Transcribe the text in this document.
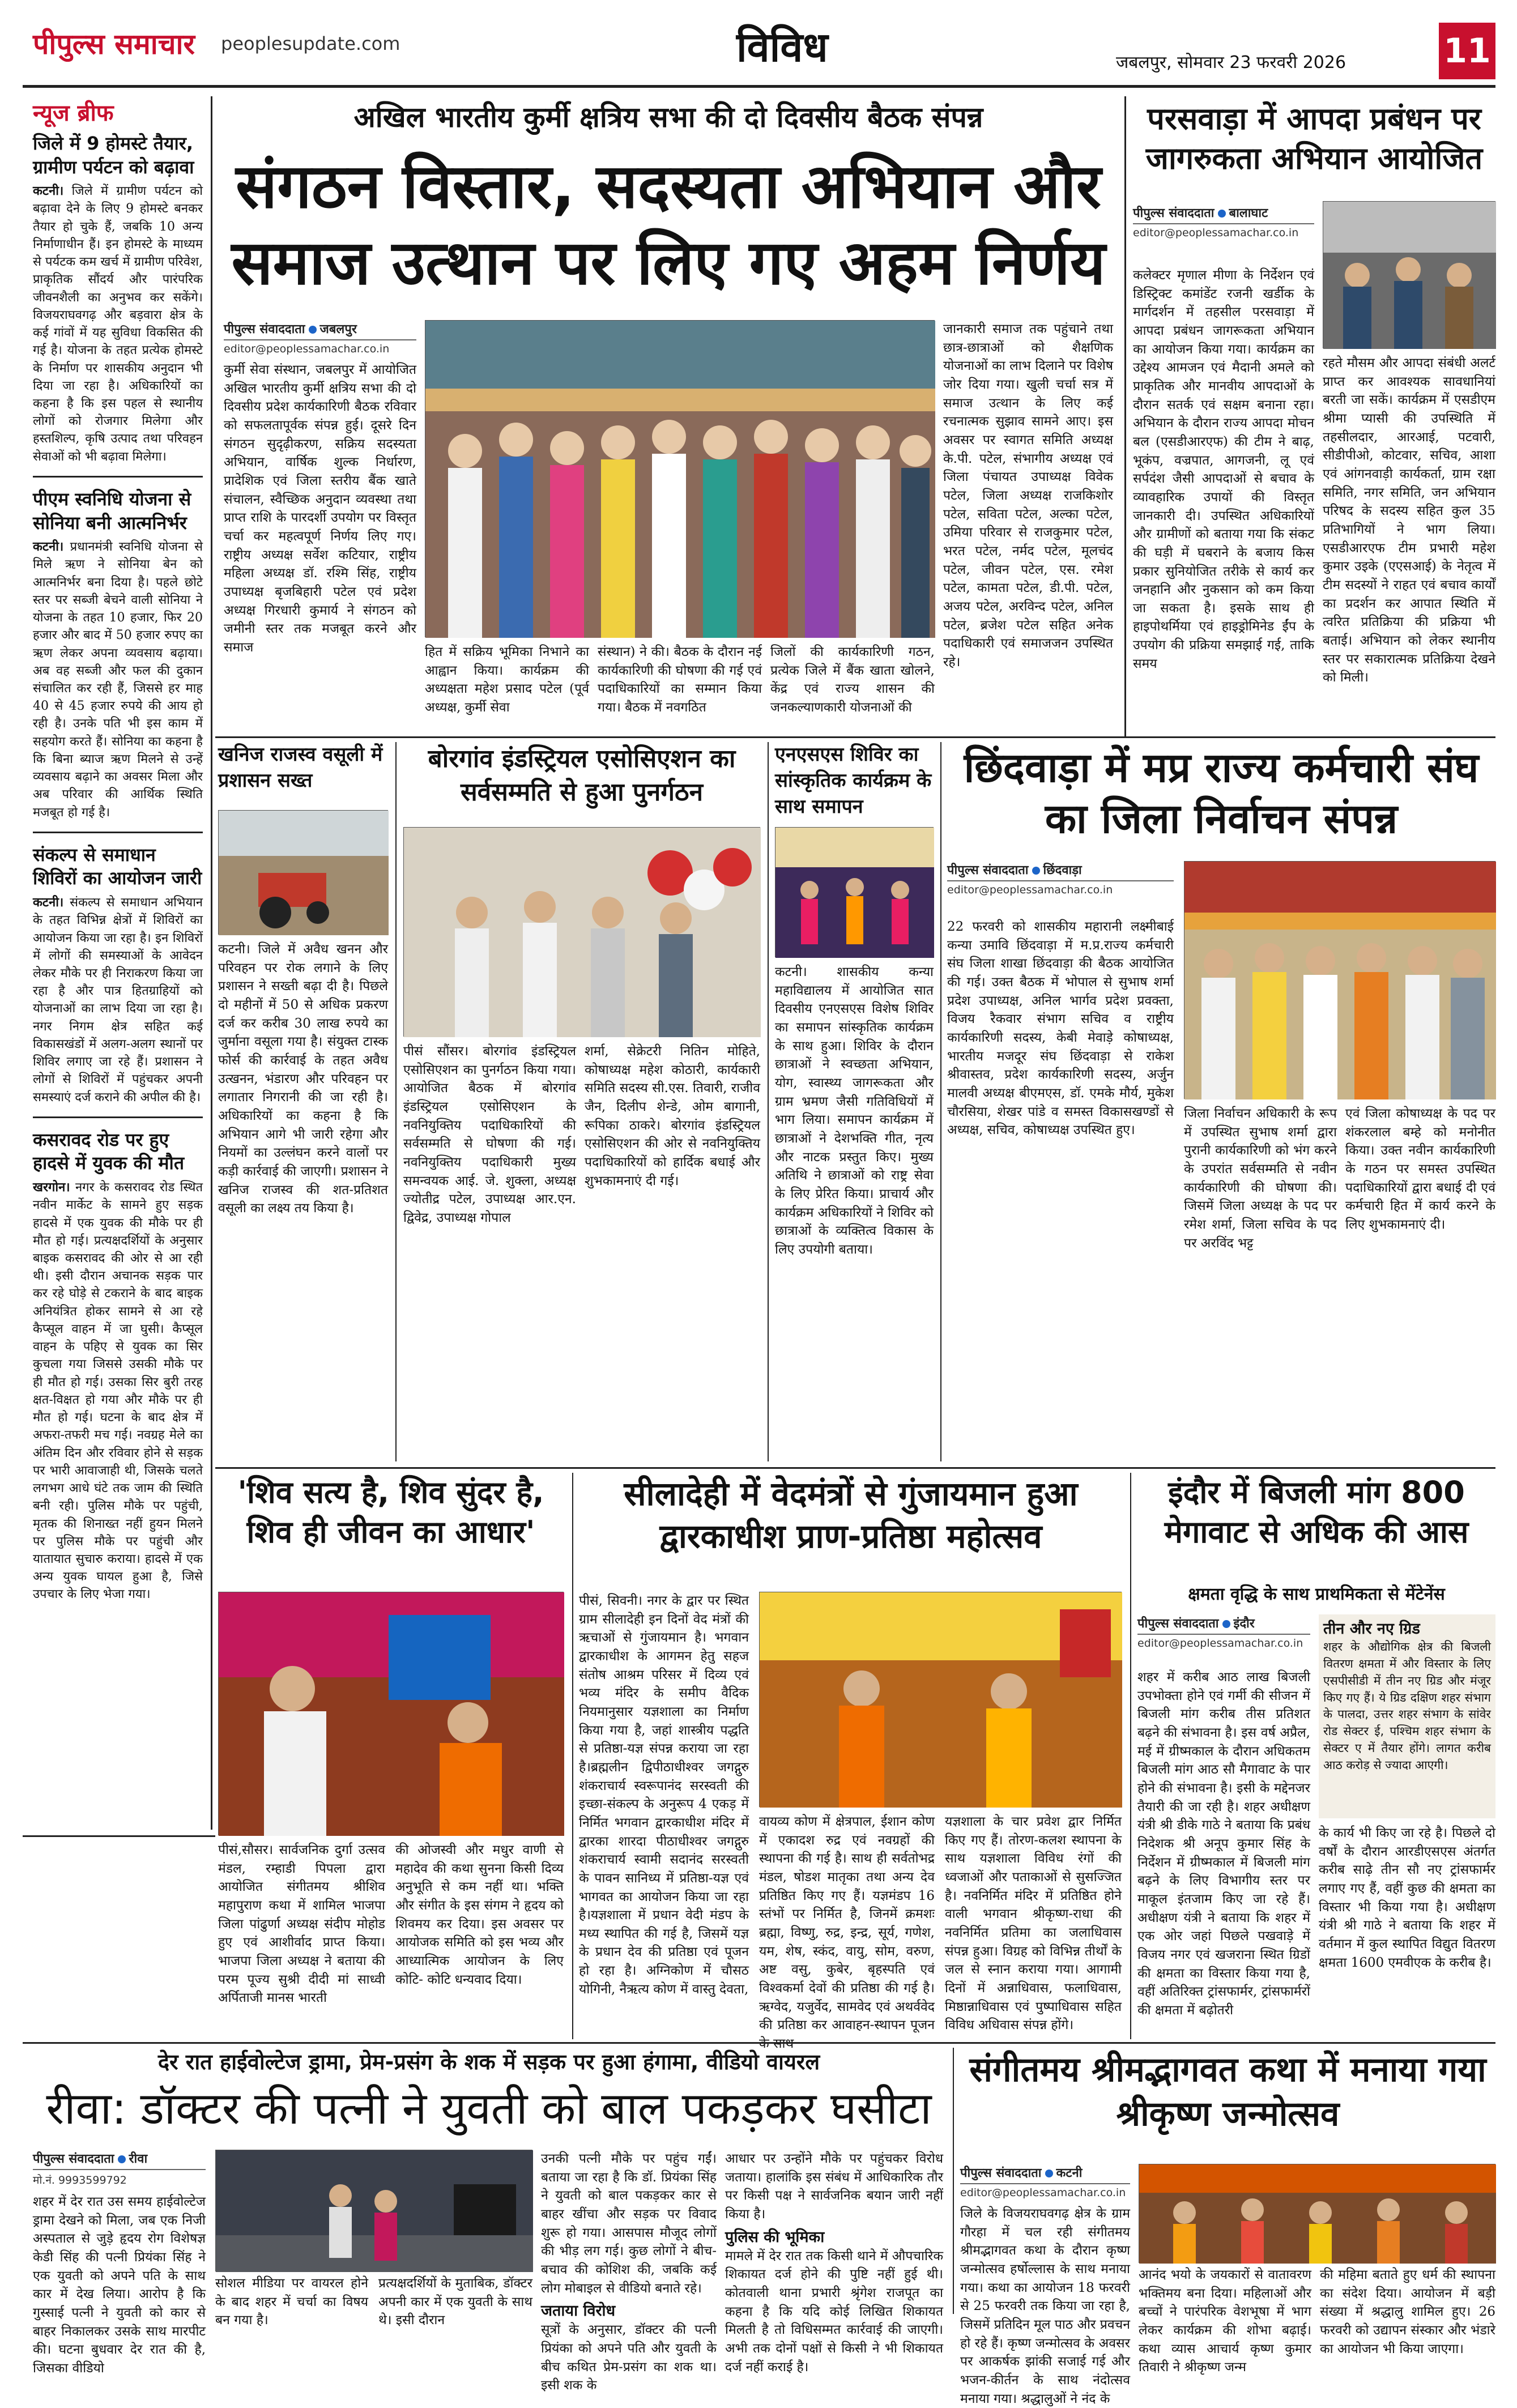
पीपुल्स समाचार peoplesupdate.com	विविध	जबलपुर, सोमवार 23 फरवरी 2026	11
न्यूज ब्रीफ
जिले में 9 होमस्टे तैयार, ग्रामीण पर्यटन को बढ़ावा
कटनी। जिले में ग्रामीण पर्यटन को बढ़ावा देने के लिए 9 होमस्टे बनकर तैयार हो चुके हैं, जबकि 10 अन्य निर्माणाधीन हैं। इन होमस्टे के माध्यम से पर्यटक कम खर्च में ग्रामीण परिवेश, प्राकृतिक सौंदर्य और पारंपरिक जीवनशैली का अनुभव कर सकेंगे। विजयराघवगढ़ और बड़वारा क्षेत्र के कई गांवों में यह सुविधा विकसित की गई है। योजना के तहत प्रत्येक होमस्टे के निर्माण पर शासकीय अनुदान भी दिया जा रहा है। अधिकारियों का कहना है कि इस पहल से स्थानीय लोगों को रोजगार मिलेगा और हस्तशिल्प, कृषि उत्पाद तथा परिवहन सेवाओं को भी बढ़ावा मिलेगा।
पीएम स्वनिधि योजना से सोनिया बनी आत्मनिर्भर
कटनी। प्रधानमंत्री स्वनिधि योजना से मिले ऋण ने सोनिया बेन को आत्मनिर्भर बना दिया है। पहले छोटे स्तर पर सब्जी बेचने वाली सोनिया ने योजना के तहत 10 हजार, फिर 20 हजार और बाद में 50 हजार रुपए का ऋण लेकर अपना व्यवसाय बढ़ाया। अब वह सब्जी और फल की दुकान संचालित कर रही हैं, जिससे हर माह 40 से 45 हजार रुपये की आय हो रही है। उनके पति भी इस काम में सहयोग करते हैं। सोनिया का कहना है कि बिना ब्याज ऋण मिलने से उन्हें व्यवसाय बढ़ाने का अवसर मिला और अब परिवार की आर्थिक स्थिति मजबूत हो गई है।
संकल्प से समाधान शिविरों का आयोजन जारी
कटनी। संकल्प से समाधान अभियान के तहत विभिन्न क्षेत्रों में शिविरों का आयोजन किया जा रहा है। इन शिविरों में लोगों की समस्याओं के आवेदन लेकर मौके पर ही निराकरण किया जा रहा है और पात्र हितग्राहियों को योजनाओं का लाभ दिया जा रहा है। नगर निगम क्षेत्र सहित कई विकासखंडों में अलग-अलग स्थानों पर शिविर लगाए जा रहे हैं। प्रशासन ने लोगों से शिविरों में पहुंचकर अपनी समस्याएं दर्ज कराने की अपील की है।
कसरावद रोड पर हुए हादसे में युवक की मौत
खरगोन। नगर के कसरावद रोड स्थित नवीन मार्केट के सामने हुए सड़क हादसे में एक युवक की मौके पर ही मौत हो गई। प्रत्यक्षदर्शियों के अनुसार बाइक कसरावद की ओर से आ रही थी। इसी दौरान अचानक सड़क पार कर रहे घोड़े से टकराने के बाद बाइक अनियंत्रित होकर सामने से आ रहे कैप्सूल वाहन में जा घुसी। कैप्सूल वाहन के पहिए से युवक का सिर कुचला गया जिससे उसकी मौके पर ही मौत हो गई। उसका सिर बुरी तरह क्षत-विक्षत हो गया और मौके पर ही मौत हो गई। घटना के बाद क्षेत्र में अफरा-तफरी मच गई। नवग्रह मेले का अंतिम दिन और रविवार होने से सड़क पर भारी आवाजाही थी, जिसके चलते लगभग आधे घंटे तक जाम की स्थिति बनी रही। पुलिस मौके पर पहुंची, मृतक की शिनाख्त नहीं हुयन मिलने पर पुलिस मौके पर पहुंची और यातायात सुचारु कराया। हादसे में एक अन्य युवक घायल हुआ है, जिसे उपचार के लिए भेजा गया।
अखिल भारतीय कुर्मी क्षत्रिय सभा की दो दिवसीय बैठक संपन्न
संगठन विस्तार, सदस्यता अभियान और समाज उत्थान पर लिए गए अहम निर्णय
पीपुल्स संवाददाता जबलपुर
editor@peoplessamachar.co.in
कुर्मी सेवा संस्थान, जबलपुर में आयोजित अखिल भारतीय कुर्मी क्षत्रिय सभा की दो दिवसीय प्रदेश कार्यकारिणी बैठक रविवार को सफलतापूर्वक संपन्न हुई। दूसरे दिन संगठन सुदृढ़ीकरण, सक्रिय सदस्यता अभियान, वार्षिक शुल्क निर्धारण, प्रादेशिक एवं जिला स्तरीय बैंक खाते संचालन, स्वैच्छिक अनुदान व्यवस्था तथा प्राप्त राशि के पारदर्शी उपयोग पर विस्तृत चर्चा कर महत्वपूर्ण निर्णय लिए गए। राष्ट्रीय अध्यक्ष सर्वेश कटियार, राष्ट्रीय महिला अध्यक्ष डॉ. रश्मि सिंह, राष्ट्रीय उपाध्यक्ष बृजबिहारी पटेल एवं प्रदेश अध्यक्ष गिरधारी कुमार्य ने संगठन को जमीनी स्तर तक मजबूत करने और समाज
जानकारी समाज तक पहुंचाने तथा छात्र-छात्राओं को शैक्षणिक योजनाओं का लाभ दिलाने पर विशेष जोर दिया गया। खुली चर्चा सत्र में समाज उत्थान के लिए कई रचनात्मक सुझाव सामने आए। इस अवसर पर स्वागत समिति अध्यक्ष के.पी. पटेल, संभागीय अध्यक्ष एवं जिला पंचायत उपाध्यक्ष विवेक पटेल, जिला अध्यक्ष राजकिशोर पटेल, सविता पटेल, अल्का पटेल, उमिया परिवार से राजकुमार पटेल, भरत पटेल, नर्मद पटेल, मूलचंद पटेल, जीवन पटेल, एस. रमेश पटेल, कामता पटेल, डी.पी. पटेल, अजय पटेल, अरविन्द पटेल, अनिल पटेल, ब्रजेश पटेल सहित अनेक पदाधिकारी एवं समाजजन उपस्थित रहे।
हित में सक्रिय भूमिका निभाने का आह्वान किया। कार्यक्रम की अध्यक्षता महेश प्रसाद पटेल (पूर्व अध्यक्ष, कुर्मी सेवा
संस्थान) ने की। बैठक के दौरान नई कार्यकारिणी की घोषणा की गई एवं पदाधिकारियों का सम्मान किया गया। बैठक में नवगठित
जिलों की कार्यकारिणी गठन, प्रत्येक जिले में बैंक खाता खोलने, केंद्र एवं राज्य शासन की जनकल्याणकारी योजनाओं की
परसवाड़ा में आपदा प्रबंधन पर जागरुकता अभियान आयोजित
पीपुल्स संवाददाता बालाघाट
editor@peoplessamachar.co.in
कलेक्टर मृणाल मीणा के निर्देशन एवं डिस्ट्रिक्ट कमांडेंट रजनी खर्डीक के मार्गदर्शन में तहसील परसवाड़ा में आपदा प्रबंधन जागरूकता अभियान का आयोजन किया गया। कार्यक्रम का उद्देश्य आमजन एवं मैदानी अमले को प्राकृतिक और मानवीय आपदाओं के दौरान सतर्क एवं सक्षम बनाना रहा। अभियान के दौरान राज्य आपदा मोचन बल (एसडीआरएफ) की टीम ने बाढ़, भूकंप, वज्रपात, आगजनी, लू एवं सर्पदंश जैसी आपदाओं से बचाव के व्यावहारिक उपायों की विस्तृत जानकारी दी। उपस्थित अधिकारियों और ग्रामीणों को बताया गया कि संकट की घड़ी में घबराने के बजाय किस प्रकार सुनियोजित तरीके से कार्य कर जनहानि और नुकसान को कम किया जा सकता है। इसके साथ ही हाइपोथर्मिया एवं हाइड्रोमिनेड ईंप के उपयोग की प्रक्रिया समझाई गई, ताकि समय
रहते मौसम और आपदा संबंधी अलर्ट प्राप्त कर आवश्यक सावधानियां बरती जा सकें। कार्यक्रम में एसडीएम श्रीमा प्यासी की उपस्थिति में तहसीलदार, आरआई, पटवारी, सीडीपीओ, कोटवार, सचिव, आशा एवं आंगनवाड़ी कार्यकर्ता, ग्राम रक्षा समिति, नगर समिति, जन अभियान परिषद के सदस्य सहित कुल 35 प्रतिभागियों ने भाग लिया। एसडीआरएफ टीम प्रभारी महेश कुमार उइके (एएसआई) के नेतृत्व में टीम सदस्यों ने राहत एवं बचाव कार्यों का प्रदर्शन कर आपात स्थिति में त्वरित प्रतिक्रिया की प्रक्रिया भी बताई। अभियान को लेकर स्थानीय स्तर पर सकारात्मक प्रतिक्रिया देखने को मिली।
खनिज राजस्व वसूली में प्रशासन सख्त
कटनी। जिले में अवैध खनन और परिवहन पर रोक लगाने के लिए प्रशासन ने सख्ती बढ़ा दी है। पिछले दो महीनों में 50 से अधिक प्रकरण दर्ज कर करीब 30 लाख रुपये का जुर्माना वसूला गया है। संयुक्त टास्क फोर्स की कार्रवाई के तहत अवैध उत्खनन, भंडारण और परिवहन पर लगातार निगरानी की जा रही है। अधिकारियों का कहना है कि अभियान आगे भी जारी रहेगा और नियमों का उल्लंघन करने वालों पर कड़ी कार्रवाई की जाएगी। प्रशासन ने खनिज राजस्व की शत-प्रतिशत वसूली का लक्ष्य तय किया है।
बोरगांव इंडस्ट्रियल एसोसिएशन का सर्वसम्मति से हुआ पुनर्गठन
पीसं सौंसर। बोरगांव इंडस्ट्रियल एसोसिएशन का पुनर्गठन किया गया। आयोजित बैठक में बोरगांव इंडस्ट्रियल एसोसिएशन के नवनियुक्तिय पदाधिकारियों की सर्वसम्मति से घोषणा की गई। नवनियुक्तिय पदाधिकारी मुख्य समन्वयक आई. जे. शुक्ला, अध्यक्ष ज्योतीद्र पटेल, उपाध्यक्ष आर.एन. द्विवेद्र, उपाध्यक्ष गोपाल
शर्मा, सेक्रेटरी नितिन मोहिते, कोषाध्यक्ष महेश कोठारी, कार्यकारी समिति सदस्य सी.एस. तिवारी, राजीव जैन, दिलीप शेन्डे, ओम बागानी, रूपिका ठाकरे। बोरगांव इंडस्ट्रियल एसोसिएशन की ओर से नवनियुक्तिय पदाधिकारियों को हार्दिक बधाई और शुभकामनाएं दी गई।
एनएसएस शिविर का सांस्कृतिक कार्यक्रम के साथ समापन
कटनी। शासकीय कन्या महाविद्यालय में आयोजित सात दिवसीय एनएसएस विशेष शिविर का समापन सांस्कृतिक कार्यक्रम के साथ हुआ। शिविर के दौरान छात्राओं ने स्वच्छता अभियान, योग, स्वास्थ्य जागरूकता और ग्राम भ्रमण जैसी गतिविधियों में भाग लिया। समापन कार्यक्रम में छात्राओं ने देशभक्ति गीत, नृत्य और नाटक प्रस्तुत किए। मुख्य अतिथि ने छात्राओं को राष्ट्र सेवा के लिए प्रेरित किया। प्राचार्य और कार्यक्रम अधिकारियों ने शिविर को छात्राओं के व्यक्तित्व विकास के लिए उपयोगी बताया।
छिंदवाड़ा में मप्र राज्य कर्मचारी संघ का जिला निर्वाचन संपन्न
पीपुल्स संवाददाता छिंदवाड़ा
editor@peoplessamachar.co.in
22 फरवरी को शासकीय महारानी लक्ष्मीबाई कन्या उमावि छिंदवाड़ा में म.प्र.राज्य कर्मचारी संघ जिला शाखा छिंदवाड़ा की बैठक आयोजित की गई। उक्त बैठक में भोपाल से सुभाष शर्मा प्रदेश उपाध्यक्ष, अनिल भार्गव प्रदेश प्रवक्ता, विजय रैकवार संभाग सचिव व राष्ट्रीय कार्यकारिणी सदस्य, केबी मेवाड़े कोषाध्यक्ष, भारतीय मजदूर संघ छिंदवाड़ा से राकेश श्रीवास्तव, प्रदेश कार्यकारिणी सदस्य, अर्जुन मालवी अध्यक्ष बीएमएस, डॉ. एमके मौर्य, मुकेश चौरसिया, शेखर पांडे व समस्त विकासखण्डों से अध्यक्ष, सचिव, कोषाध्यक्ष उपस्थित हुए।
जिला निर्वाचन अधिकारी के रूप में उपस्थित सुभाष शर्मा द्वारा पुरानी कार्यकारिणी को भंग करने के उपरांत सर्वसम्मति से नवीन कार्यकारिणी की घोषणा की। जिसमें जिला अध्यक्ष के पद पर रमेश शर्मा, जिला सचिव के पद पर अरविंद भट्ट
एवं जिला कोषाध्यक्ष के पद पर शंकरलाल बम्हे को मनोनीत किया। उक्त नवीन कार्यकारिणी के गठन पर समस्त उपस्थित पदाधिकारियों द्वारा बधाई दी एवं कर्मचारी हित में कार्य करने के लिए शुभकामनाएं दी।
'शिव सत्य है, शिव सुंदर है, शिव ही जीवन का आधार'
पीसं,सौसर। सार्वजनिक दुर्गा उत्सव मंडल, रम्हाडी पिपला द्वारा आयोजित संगीतमय श्रीशिव महापुराण कथा में शामिल भाजपा जिला पांढुर्णा अध्यक्ष संदीप मोहोड हुए एवं आशीर्वाद प्राप्त किया। भाजपा जिला अध्यक्ष ने बताया की परम पूज्य सुश्री दीदी मां साध्वी अर्पिताजी मानस भारती
की ओजस्वी और मधुर वाणी से महादेव की कथा सुनना किसी दिव्य अनुभूति से कम नहीं था। भक्ति और संगीत के इस संगम ने हृदय को शिवमय कर दिया। इस अवसर पर आयोजक समिति को इस भव्य और आध्यात्मिक आयोजन के लिए कोटि- कोटि धन्यवाद दिया।
सीलादेही में वेदमंत्रों से गुंजायमान हुआ द्वारकाधीश प्राण-प्रतिष्ठा महोत्सव
पीसं, सिवनी। नगर के द्वार पर स्थित ग्राम सीलादेही इन दिनों वेद मंत्रों की ऋचाओं से गुंजायमान है। भगवान द्वारकाधीश के आगमन हेतु सहज संतोष आश्रम परिसर में दिव्य एवं भव्य मंदिर के समीप वैदिक नियमानुसार यज्ञशाला का निर्माण किया गया है, जहां शास्त्रीय पद्धति से प्रतिष्ठा-यज्ञ संपन्न कराया जा रहा है।ब्रह्मलीन द्विपीठाधीश्वर जगद्गुरु शंकराचार्य स्वरूपानंद सरस्वती की इच्छा-संकल्प के अनुरूप 4 एकड़ में निर्मित भगवान द्वारकाधीश मंदिर में द्वारका शारदा पीठाधीश्वर जगद्गुरु शंकराचार्य स्वामी सदानंद सरस्वती के पावन सानिध्य में प्रतिष्ठा-यज्ञ एवं भागवत का आयोजन किया जा रहा है।यज्ञशाला में प्रधान वेदी मंडप के मध्य स्थापित की गई है, जिसमें यज्ञ के प्रधान देव की प्रतिष्ठा एवं पूजन हो रहा है। अग्निकोण में चौसठ योगिनी, नैऋत्य कोण में वास्तु देवता,
वायव्य कोण में क्षेत्रपाल, ईशान कोण में एकादश रुद्र एवं नवग्रहों की स्थापना की गई है। साथ ही सर्वतोभद्र मंडल, षोडश मातृका तथा अन्य देव प्रतिष्ठित किए गए हैं। यज्ञमंडप 16 स्तंभों पर निर्मित है, जिनमें क्रमशः ब्रह्मा, विष्णु, रुद्र, इन्द्र, सूर्य, गणेश, यम, शेष, स्कंद, वायु, सोम, वरुण, अष्ट वसु, कुबेर, बृहस्पति एवं विश्वकर्मा देवों की प्रतिष्ठा की गई है। ऋग्वेद, यजुर्वेद, सामवेद एवं अथर्ववेद की प्रतिष्ठा कर आवाहन-स्थापन पूजन
यज्ञशाला के चार प्रवेश द्वार निर्मित किए गए हैं। तोरण-कलश स्थापना के साथ यज्ञशाला विविध रंगों की ध्वजाओं और पताकाओं से सुसज्जित है। नवनिर्मित मंदिर में प्रतिष्ठित होने वाली भगवान श्रीकृष्ण-राधा की नवनिर्मित प्रतिमा का जलाधिवास संपन्न हुआ। विग्रह को विभिन्न तीर्थों के जल से स्नान कराया गया। आगामी दिनों में अन्नाधिवास, फलाधिवास, मिष्ठान्नाधिवास एवं पुष्पाधिवास सहित विविध अधिवास संपन्न होंगे।
इंदौर में बिजली मांग 800 मेगावाट से अधिक की आस
क्षमता वृद्धि के साथ प्राथमिकता से मेंटेनेंस
पीपुल्स संवाददाता इंदौर
editor@peoplessamachar.co.in
शहर में करीब आठ लाख बिजली उपभोक्ता होने एवं गर्मी की सीजन में बिजली मांग करीब तीस प्रतिशत बढ़ने की संभावना है। इस वर्ष अप्रैल, मई में ग्रीष्मकाल के दौरान अधिकतम बिजली मांग आठ सौ मैगावाट के पार होने की संभावना है। इसी के मद्देनजर तैयारी की जा रही है। शहर अधीक्षण यंत्री श्री डीके गाठे ने बताया कि प्रबंध निदेशक श्री अनूप कुमार सिंह के निर्देशन में ग्रीष्मकाल में बिजली मांग बढ़ने के लिए विभागीय स्तर पर माकूल इंतजाम किए जा रहे हैं। अधीक्षण यंत्री ने बताया कि शहर में एक ओर जहां पिछले पखवाड़े में विजय नगर एवं खजराना स्थित ग्रिडों की क्षमता का विस्तार किया गया है, वहीं अतिरिक्त ट्रांसफार्मर, ट्रांसफार्मरों की क्षमता में बढ़ोतरी
तीन और नए ग्रिड
शहर के औद्योगिक क्षेत्र की बिजली वितरण क्षमता में और विस्तार के लिए एसपीसीडी में तीन नए ग्रिड और मंजूर किए गए हैं। ये ग्रिड दक्षिण शहर संभाग के पालदा, उत्तर शहर संभाग के सांवेर रोड सेक्टर ई, पश्चिम शहर संभाग के सेक्टर ए में तैयार होंगे। लागत करीब आठ करोड़ से ज्यादा आएगी।
के कार्य भी किए जा रहे है। पिछले दो वर्षों के दौरान आरडीएसएस अंतर्गत करीब साढ़े तीन सौ नए ट्रांसफार्मर लगाए गए हैं, वहीं कुछ की क्षमता का विस्तार भी किया गया है। अधीक्षण यंत्री श्री गाठे ने बताया कि शहर में वर्तमान में कुल स्थापित विद्युत वितरण क्षमता 1600 एमवीएक के करीब है।
देर रात हाईवोल्टेज ड्रामा, प्रेम-प्रसंग के शक में सड़क पर हुआ हंगामा, वीडियो वायरल
रीवा: डॉक्टर की पत्नी ने युवती को बाल पकड़कर घसीटा
पीपुल्स संवाददाता रीवा
मो.नं. 9993599792
शहर में देर रात उस समय हाईवोल्टेज ड्रामा देखने को मिला, जब एक निजी अस्पताल से जुड़े हृदय रोग विशेषज्ञ केडी सिंह की पत्नी प्रियंका सिंह ने एक युवती को अपने पति के साथ कार में देख लिया। आरोप है कि गुस्साई पत्नी ने युवती को कार से बाहर निकालकर उसके साथ मारपीट की। घटना बुधवार देर रात की है, जिसका वीडियो
सोशल मीडिया पर वायरल होने के बाद शहर में चर्चा का विषय बन गया है।
प्रत्यक्षदर्शियों के मुताबिक, डॉक्टर अपनी कार में एक युवती के साथ थे। इसी दौरान
उनकी पत्नी मौके पर पहुंच गईं। बताया जा रहा है कि डॉ. प्रियंका सिंह ने युवती को बाल पकड़कर कार से बाहर खींचा और सड़क पर विवाद शुरू हो गया। आसपास मौजूद लोगों की भीड़ लग गई। कुछ लोगों ने बीच-बचाव की कोशिश की, जबकि कई लोग मोबाइल से वीडियो बनाते रहे।
जताया विरोध
सूत्रों के अनुसार, डॉक्टर की पत्नी प्रियंका को अपने पति और युवती के बीच कथित प्रेम-प्रसंग का शक था। इसी शक के
आधार पर उन्होंने मौके पर पहुंचकर विरोध जताया। हालांकि इस संबंध में आधिकारिक तौर पर किसी पक्ष ने सार्वजनिक बयान जारी नहीं किया है।
पुलिस की भूमिका
मामले में देर रात तक किसी थाने में औपचारिक शिकायत दर्ज होने की पुष्टि नहीं हुई थी। कोतवाली थाना प्रभारी श्रृंगेश राजपूत का कहना है कि यदि कोई लिखित शिकायत मिलती है तो विधिसम्मत कार्रवाई की जाएगी। अभी तक दोनों पक्षों से किसी ने भी शिकायत दर्ज नहीं कराई है।
संगीतमय श्रीमद्भागवत कथा में मनाया गया श्रीकृष्ण जन्मोत्सव
पीपुल्स संवाददाता कटनी
editor@peoplessamachar.co.in
जिले के विजयराघवगढ़ क्षेत्र के ग्राम गौरहा में चल रही संगीतमय श्रीमद्भागवत कथा के दौरान कृष्ण जन्मोत्सव हर्षोल्लास के साथ मनाया गया। कथा का आयोजन 18 फरवरी से 25 फरवरी तक किया जा रहा है, जिसमें प्रतिदिन मूल पाठ और प्रवचन हो रहे हैं। कृष्ण जन्मोत्सव के अवसर पर आकर्षक झांकी सजाई गई और भजन-कीर्तन के साथ नंदोत्सव मनाया गया। श्रद्धालुओं ने नंद के
आनंद भयो के जयकारों से वातावरण भक्तिमय बना दिया। महिलाओं और बच्चों ने पारंपरिक वेशभूषा में भाग लेकर कार्यक्रम की शोभा बढ़ाई। कथा व्यास आचार्य कृष्ण कुमार तिवारी ने श्रीकृष्ण जन्म
की महिमा बताते हुए धर्म की स्थापना का संदेश दिया। आयोजन में बड़ी संख्या में श्रद्धालु शामिल हुए। 26 फरवरी को उद्यापन संस्कार और भंडारे का आयोजन भी किया जाएगा।
